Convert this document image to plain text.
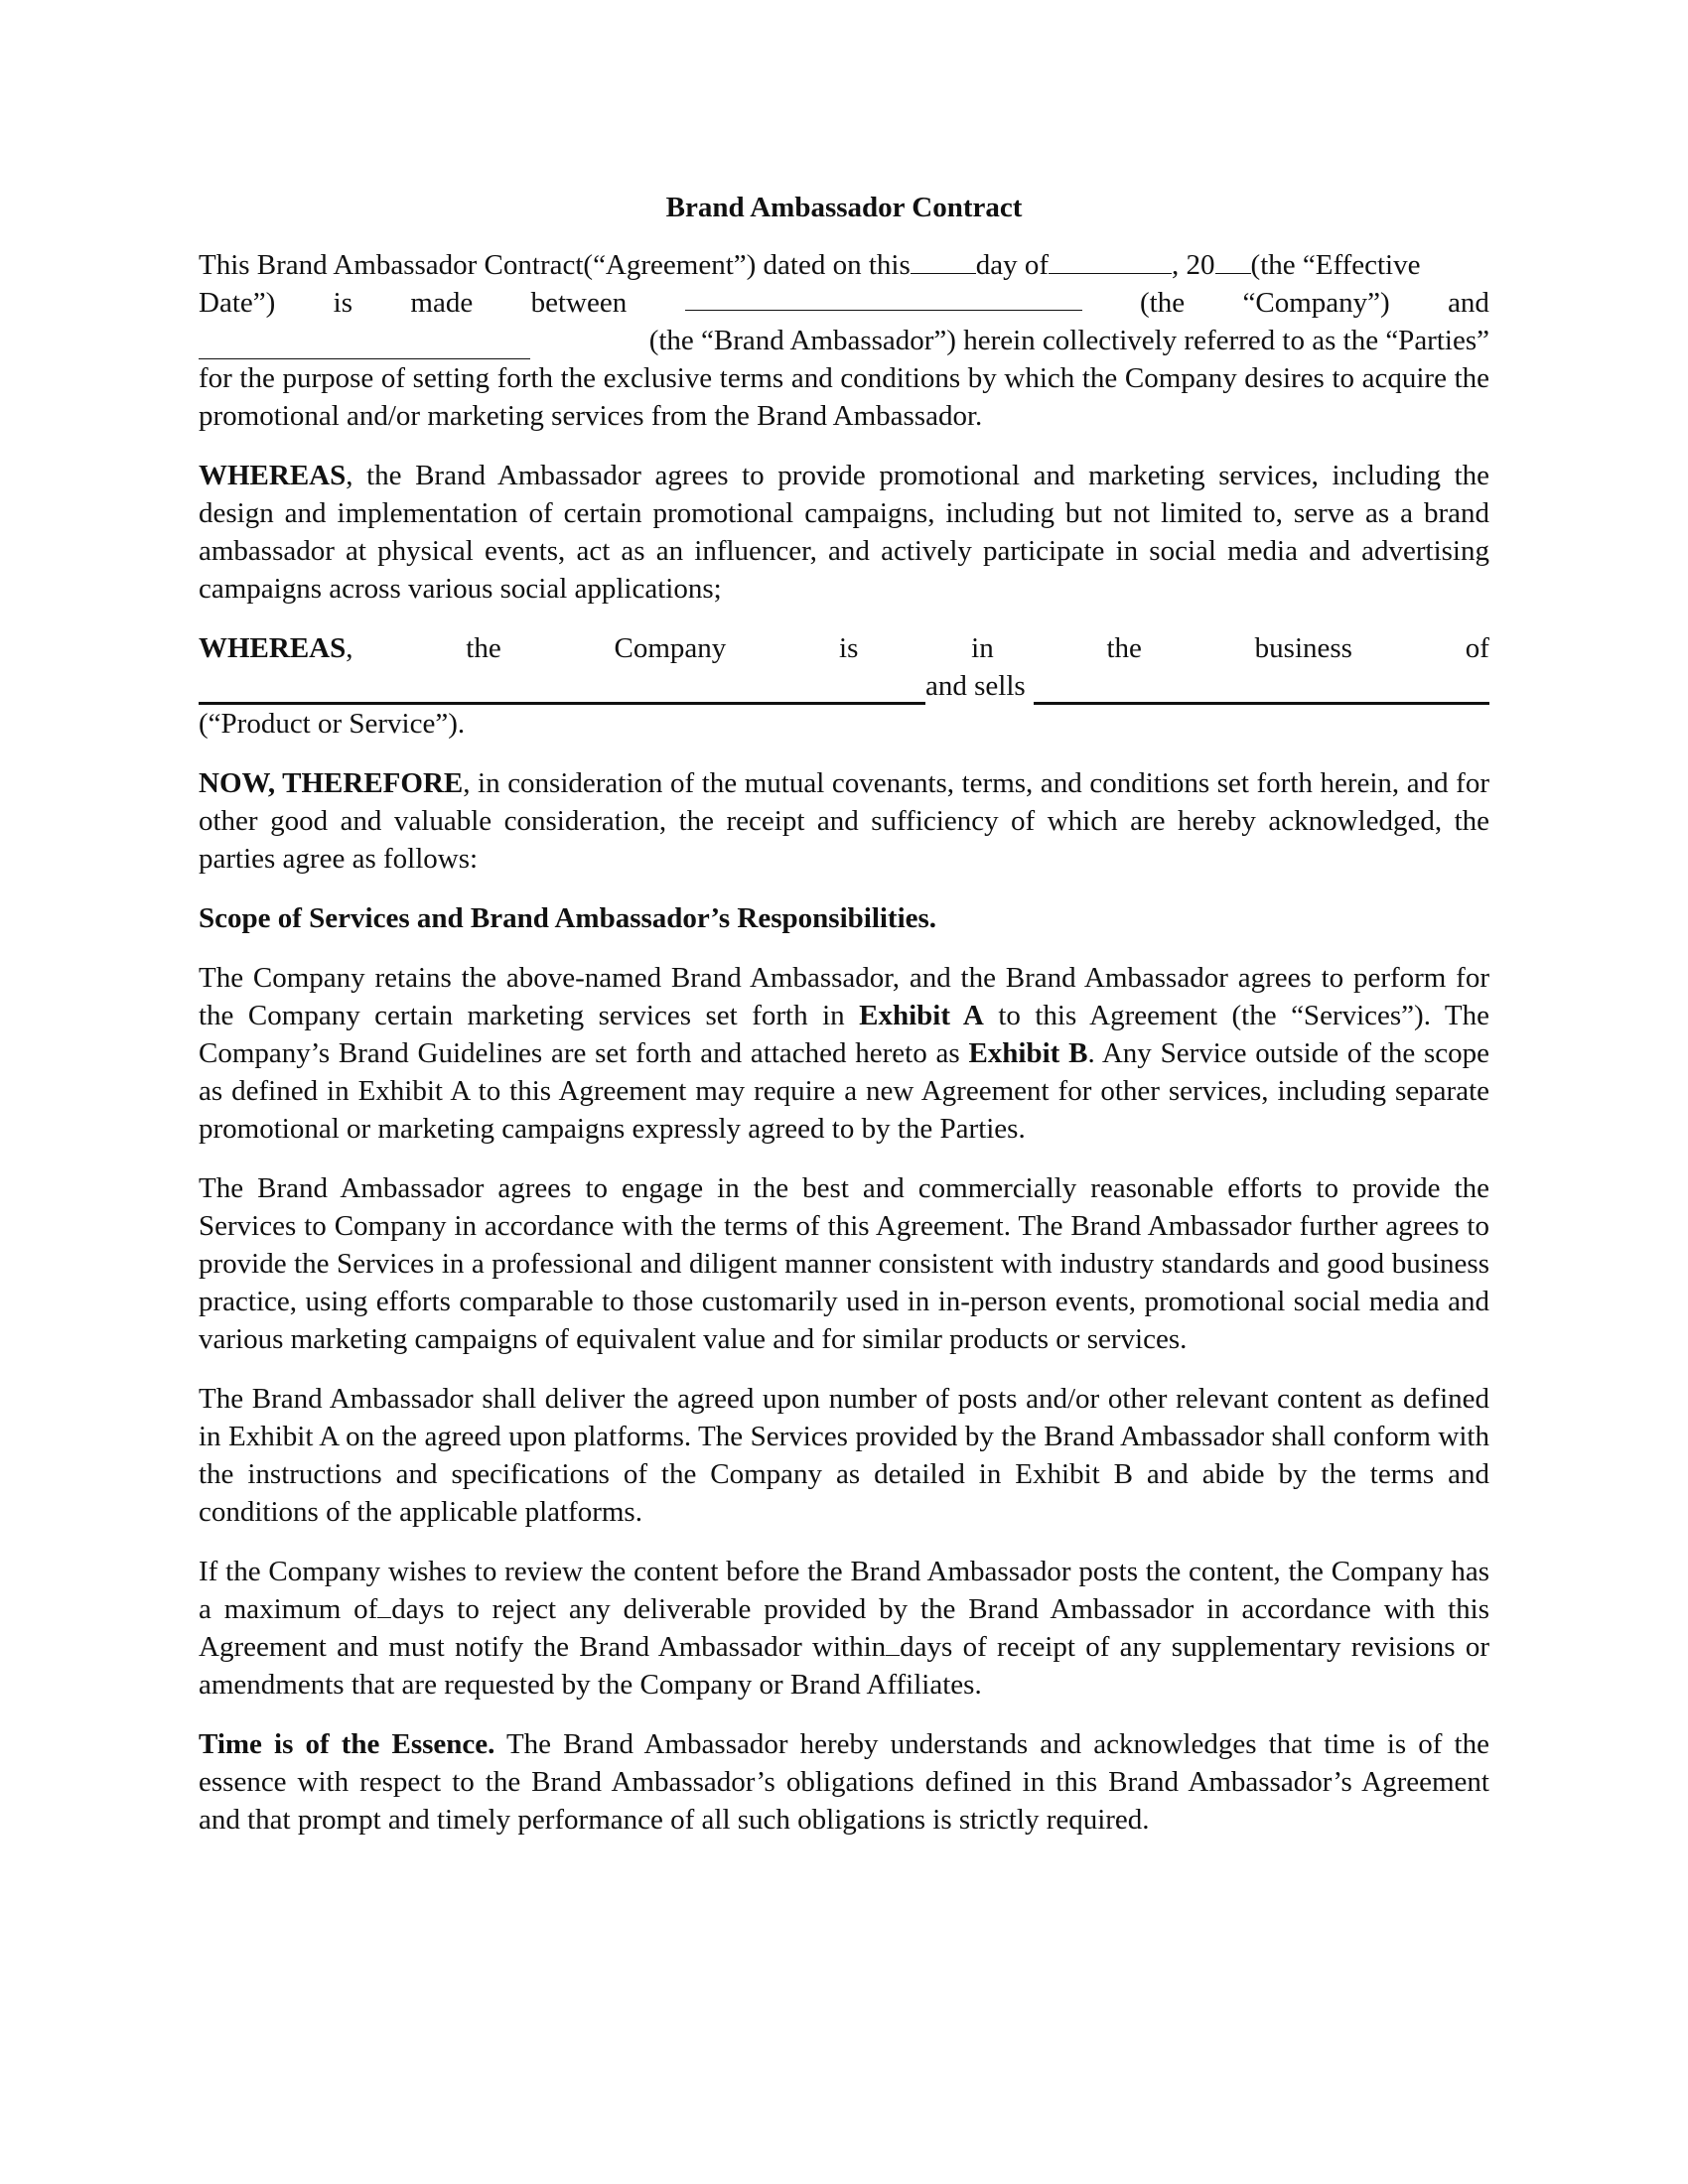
Brand Ambassador Contract
This Brand Ambassador Contract(“Agreement”) dated on this day of	, 20 (the “Effective
Date”) is made between	(the “Company”) and
(the “Brand Ambassador”) herein collectively referred to as the “Parties”

for the purpose of setting forth the exclusive terms and conditions by which the Company desires to acquire the promotional and/or marketing services from the Brand Ambassador.

WHEREAS, the Brand Ambassador agrees to provide promotional and marketing services, including the design and implementation of certain promotional campaigns, including but not limited to, serve as a brand ambassador at physical events, act as an influencer, and actively participate in social media and advertising campaigns across various social applications;

WHEREAS,	the	Company	is	in	the	business	of
and sells
(“Product or Service”).

NOW, THEREFORE, in consideration of the mutual covenants, terms, and conditions set forth herein, and for other good and valuable consideration, the receipt and sufficiency of which are hereby acknowledged, the parties agree as follows:

Scope of Services and Brand Ambassador’s Responsibilities.

The Company retains the above-named Brand Ambassador, and the Brand Ambassador agrees to perform for the Company certain marketing services set forth in Exhibit A to this Agreement (the “Services”). The Company’s Brand Guidelines are set forth and attached hereto as Exhibit B. Any Service outside of the scope as defined in Exhibit A to this Agreement may require a new Agreement for other services, including separate promotional or marketing campaigns expressly agreed to by the Parties.

The Brand Ambassador agrees to engage in the best and commercially reasonable efforts to provide the Services to Company in accordance with the terms of this Agreement. The Brand Ambassador further agrees to provide the Services in a professional and diligent manner consistent with industry standards and good business practice, using efforts comparable to those customarily used in in-person events, promotional social media and various marketing campaigns of equivalent value and for similar products or services.

The Brand Ambassador shall deliver the agreed upon number of posts and/or other relevant content as defined in Exhibit A on the agreed upon platforms. The Services provided by the Brand Ambassador shall conform with the instructions and specifications of the Company as detailed in Exhibit B and abide by the terms and conditions of the applicable platforms.

If the Company wishes to review the content before the Brand Ambassador posts the content, the Company has a maximum of days to reject any deliverable provided by the Brand Ambassador in accordance with this Agreement and must notify the Brand Ambassador within days of receipt of any supplementary revisions or amendments that are requested by the Company or Brand Affiliates.

Time is of the Essence. The Brand Ambassador hereby understands and acknowledges that time is of the essence with respect to the Brand Ambassador’s obligations defined in this Brand Ambassador’s Agreement and that prompt and timely performance of all such obligations is strictly required.
